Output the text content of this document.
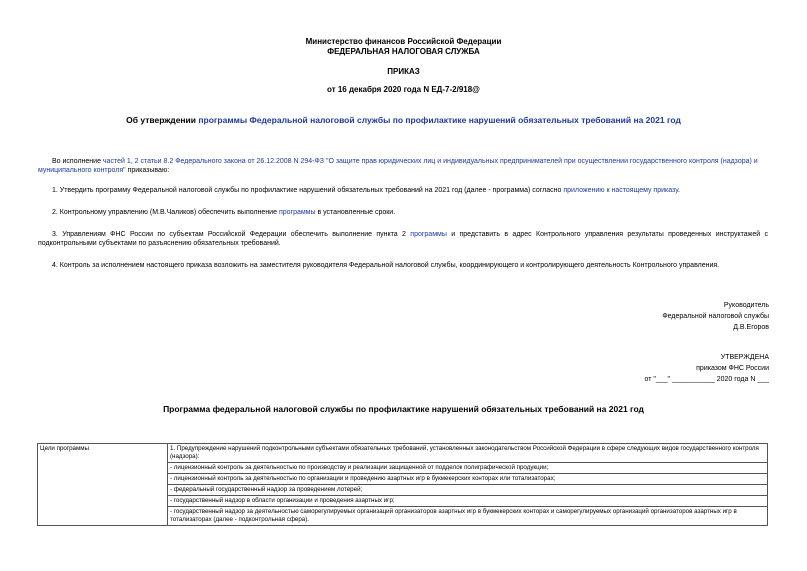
Министерство финансов Российской Федерации
ФЕДЕРАЛЬНАЯ НАЛОГОВАЯ СЛУЖБА
ПРИКАЗ
от 16 декабря 2020 года N ЕД-7-2/918@
Об утверждении программы Федеральной налоговой службы по профилактике нарушений обязательных требований на 2021 год

Во исполнение частей 1, 2 статьи 8.2 Федерального закона от 26.12.2008 N 294-ФЗ "О защите прав юридических лиц и индивидуальных предпринимателей при осуществлении государственного контроля (надзора) и муниципального контроля" приказываю:

1. Утвердить программу Федеральной налоговой службы по профилактике нарушений обязательных требований на 2021 год (далее - программа) согласно приложению к настоящему приказу.

2. Контрольному управлению (М.В.Чаликов) обеспечить выполнение программы в установленные сроки.

3. Управлениям ФНС России по субъектам Российской Федерации обеспечить выполнение пункта 2 программы и представить в адрес Контрольного управления результаты проведенных инструктажей с подконтрольными субъектами по разъяснению обязательных требований.

4. Контроль за исполнением настоящего приказа возложить на заместителя руководителя Федеральной налоговой службы, координирующего и контролирующего деятельность Контрольного управления.

Руководитель
Федеральной налоговой службы
Д.В.Егоров
УТВЕРЖДЕНА
приказом ФНС России
от "___" ___________ 2020 года N ___
Программа федеральной налоговой службы по профилактике нарушений обязательных требований на 2021 год
Цели программы	1. Предупреждение нарушений подконтрольными субъектами обязательных требований, установленных законодательством Российской Федерации в сфере следующих видов государственного контроля (надзора):
- лицензионный контроль за деятельностью по производству и реализации защищенной от подделок полиграфической продукции;
- лицензионный контроль за деятельностью по организации и проведению азартных игр в букмекерских конторах или тотализаторах;
- федеральный государственный надзор за проведением лотерей;
- государственный надзор в области организации и проведения азартных игр;
- государственный надзор за деятельностью саморегулируемых организаций организаторов азартных игр в букмекерских конторах и саморегулируемых организаций организаторов азартных игр в тотализаторах (далее - подконтрольная сфера).
